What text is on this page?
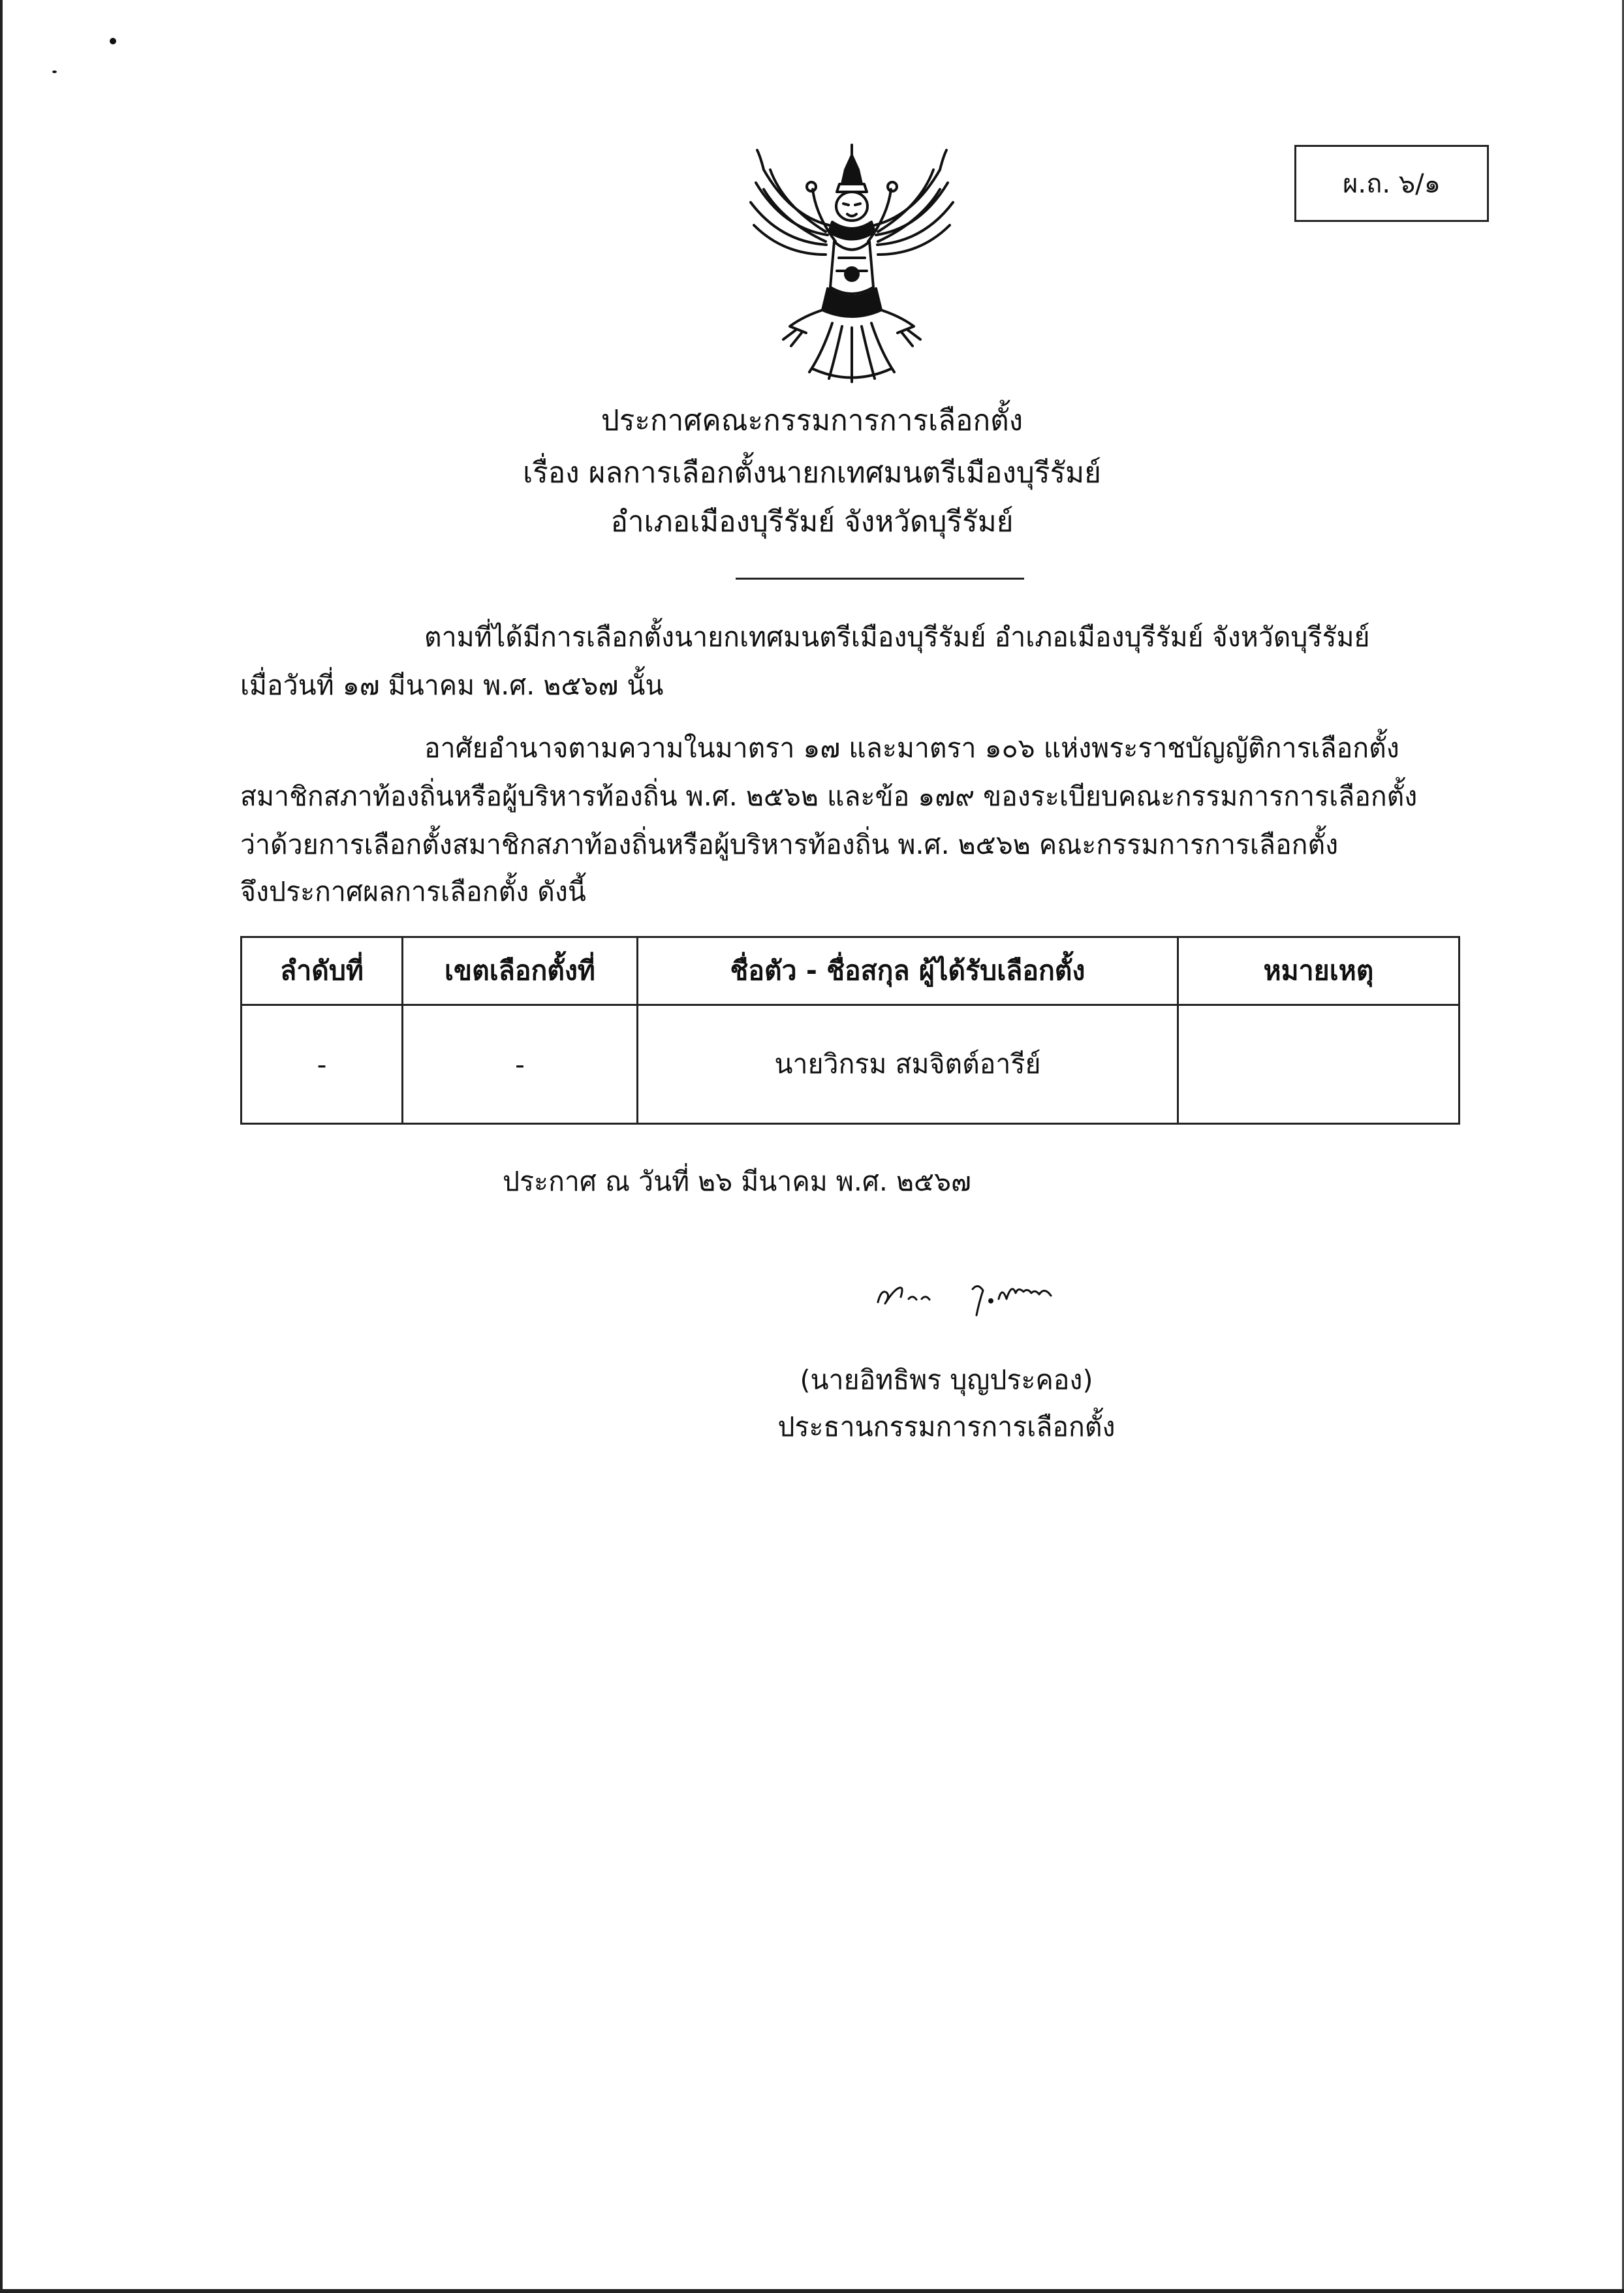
ผ.ถ. ๖/๑
ประกาศคณะกรรมการการเลือกตั้ง
เรื่อง ผลการเลือกตั้งนายกเทศมนตรีเมืองบุรีรัมย์
อำเภอเมืองบุรีรัมย์ จังหวัดบุรีรัมย์
ตามที่ได้มีการเลือกตั้งนายกเทศมนตรีเมืองบุรีรัมย์ อำเภอเมืองบุรีรัมย์ จังหวัดบุรีรัมย์
เมื่อวันที่ ๑๗ มีนาคม พ.ศ. ๒๕๖๗ นั้น
อาศัยอำนาจตามความในมาตรา ๑๗ และมาตรา ๑๐๖ แห่งพระราชบัญญัติการเลือกตั้ง
สมาชิกสภาท้องถิ่นหรือผู้บริหารท้องถิ่น พ.ศ. ๒๕๖๒ และข้อ ๑๗๙ ของระเบียบคณะกรรมการการเลือกตั้ง
ว่าด้วยการเลือกตั้งสมาชิกสภาท้องถิ่นหรือผู้บริหารท้องถิ่น พ.ศ. ๒๕๖๒ คณะกรรมการการเลือกตั้ง
จึงประกาศผลการเลือกตั้ง ดังนี้
ลำดับที่	เขตเลือกตั้งที่	ชื่อตัว - ชื่อสกุล ผู้ได้รับเลือกตั้ง	หมายเหตุ
-	-	นายวิกรม สมจิตต์อารีย์
ประกาศ ณ วันที่ ๒๖ มีนาคม พ.ศ. ๒๕๖๗
(นายอิทธิพร บุญประคอง)
ประธานกรรมการการเลือกตั้ง
